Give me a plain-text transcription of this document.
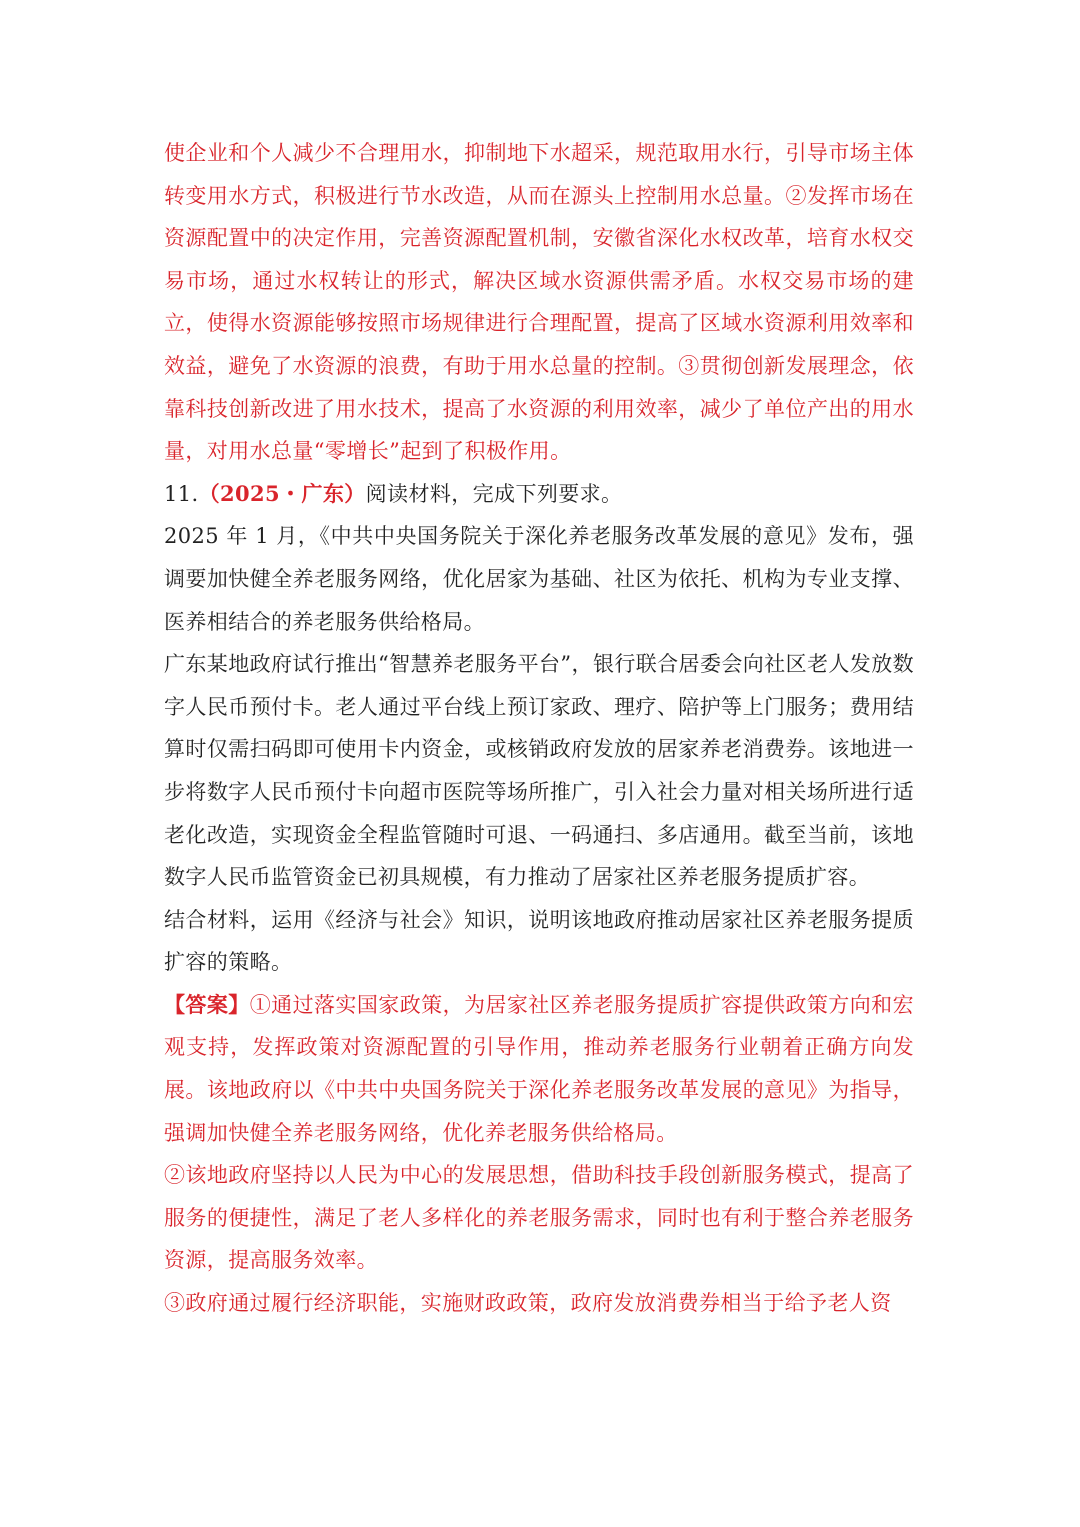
使企业和个人减少不合理用水，抑制地下水超采，规范取用水行，引导市场主体转变用水方式，积极进行节水改造，从而在源头上控制用水总量。②发挥市场在资源配置中的决定作用，完善资源配置机制，安徽省深化水权改革，培育水权交易市场，通过水权转让的形式，解决区域水资源供需矛盾。水权交易市场的建立，使得水资源能够按照市场规律进行合理配置，提高了区域水资源利用效率和效益，避免了水资源的浪费，有助于用水总量的控制。③贯彻创新发展理念，依靠科技创新改进了用水技术，提高了水资源的利用效率，减少了单位产出的用水量，对用水总量“零增长”起到了积极作用。

11.（2025・广东）阅读材料，完成下列要求。

2025 年 1 月，《中共中央国务院关于深化养老服务改革发展的意见》发布，强调要加快健全养老服务网络，优化居家为基础、社区为依托、机构为专业支撑、医养相结合的养老服务供给格局。

广东某地政府试行推出“智慧养老服务平台”，银行联合居委会向社区老人发放数字人民币预付卡。老人通过平台线上预订家政、理疗、陪护等上门服务；费用结 算时仅需扫码即可使用卡内资金，或核销政府发放的居家养老消费券。该地进一步将数字人民币预付卡向超市医院等场所推广，引入社会力量对相关场所进行适老化改造，实现资金全程监管随时可退、一码通扫、多店通用。截至当前，该地数字人民币监管资金已初具规模，有力推动了居家社区养老服务提质扩容。

结合材料，运用《经济与社会》知识，说明该地政府推动居家社区养老服务提质扩容的策略。

【答案】①通过落实国家政策，为居家社区养老服务提质扩容提供政策方向和宏观支持，发挥政策对资源配置的引导作用，推动养老服务行业朝着正确方向发展。该地政府以《中共中央国务院关于深化养老服务改革发展的意见》为指导，强调加快健全养老服务网络，优化养老服务供给格局。

②该地政府坚持以人民为中心的发展思想，借助科技手段创新服务模式，提高了服务的便捷性，满足了老人多样化的养老服务需求，同时也有利于整合养老服务资源，提高服务效率。

③政府通过履行经济职能，实施财政政策，政府发放消费券相当于给予老人资
